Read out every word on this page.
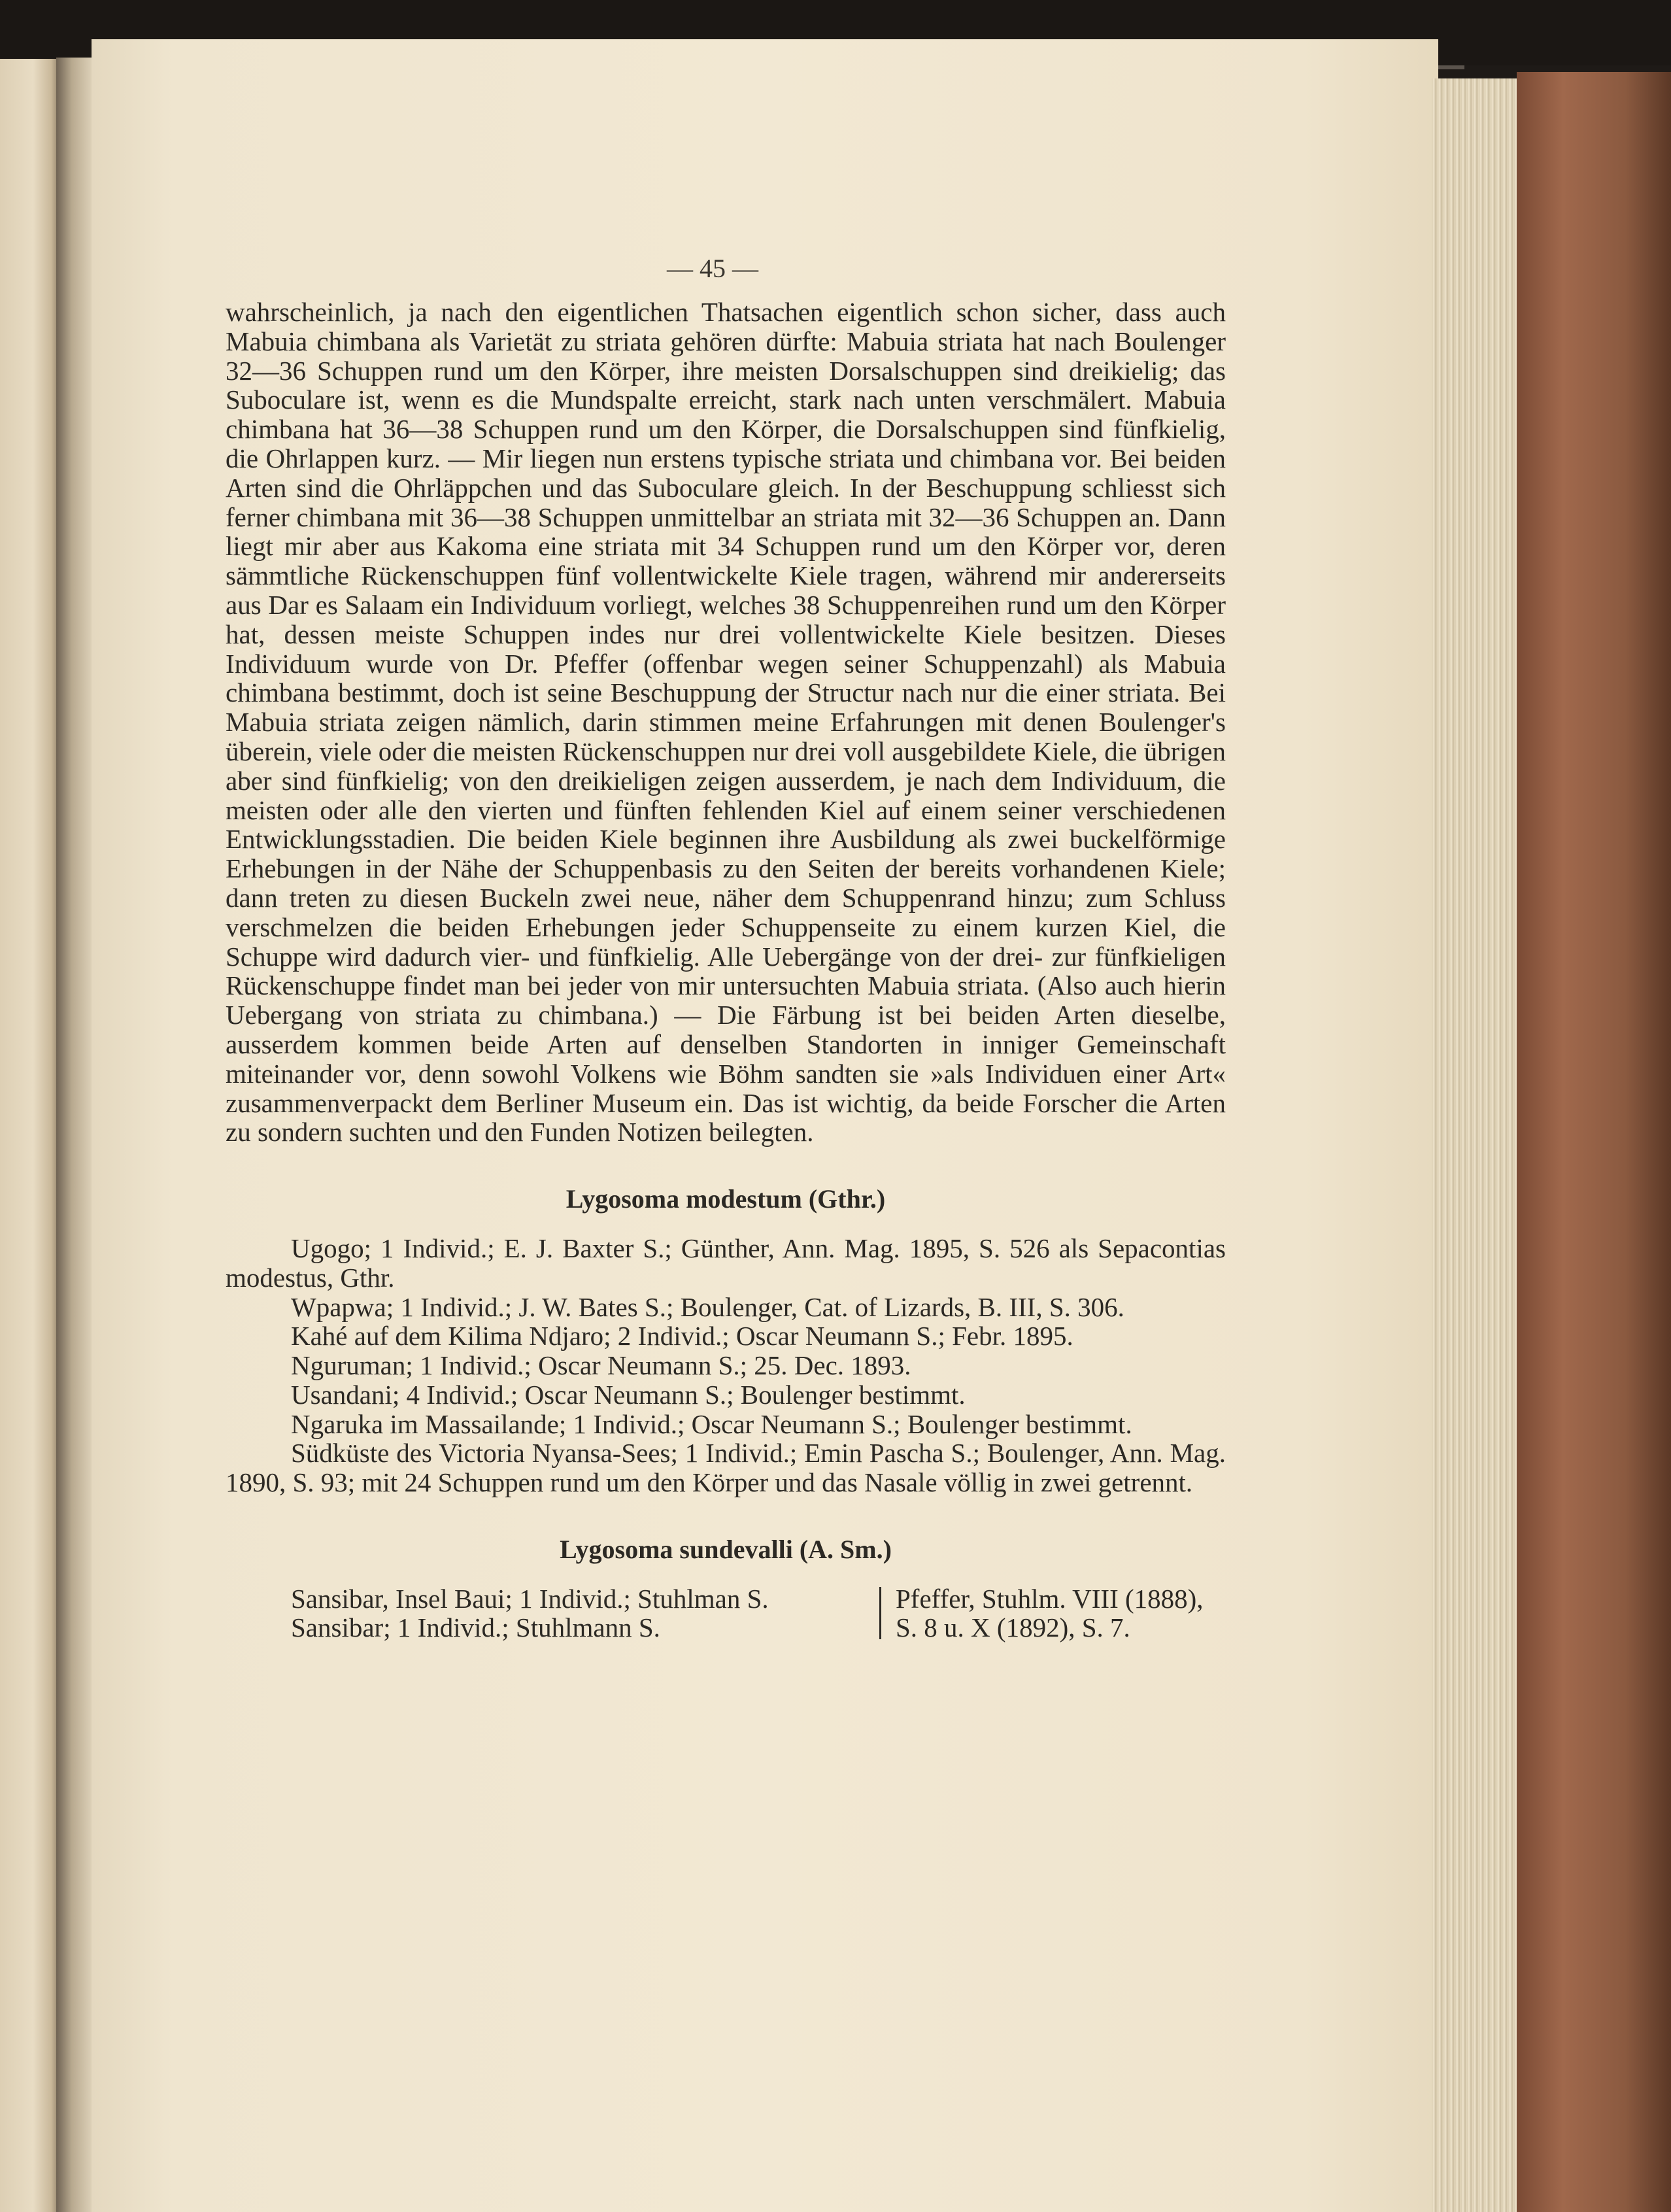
— 45 —

wahrscheinlich, ja nach den eigentlichen Thatsachen eigentlich schon sicher, dass auch Mabuia chimbana als Varietät zu striata gehören dürfte: Mabuia striata hat nach Boulenger 32—36 Schuppen rund um den Körper, ihre meisten Dorsalschuppen sind dreikielig; das Suboculare ist, wenn es die Mundspalte erreicht, stark nach unten verschmälert. Mabuia chimbana hat 36—38 Schuppen rund um den Körper, die Dorsalschuppen sind fünfkielig, die Ohrlappen kurz. — Mir liegen nun erstens typische striata und chimbana vor. Bei beiden Arten sind die Ohrläppchen und das Suboculare gleich. In der Beschuppung schliesst sich ferner chimbana mit 36—38 Schuppen unmittelbar an striata mit 32—36 Schuppen an. Dann liegt mir aber aus Kakoma eine striata mit 34 Schuppen rund um den Körper vor, deren sämmtliche Rückenschuppen fünf vollentwickelte Kiele tragen, während mir andererseits aus Dar es Salaam ein Individuum vorliegt, welches 38 Schuppenreihen rund um den Körper hat, dessen meiste Schuppen indes nur drei vollentwickelte Kiele besitzen. Dieses Individuum wurde von Dr. Pfeffer (offenbar wegen seiner Schuppenzahl) als Mabuia chimbana bestimmt, doch ist seine Beschuppung der Structur nach nur die einer striata. Bei Mabuia striata zeigen nämlich, darin stimmen meine Erfahrungen mit denen Boulenger's überein, viele oder die meisten Rückenschuppen nur drei voll ausgebildete Kiele, die übrigen aber sind fünfkielig; von den dreikieligen zeigen ausserdem, je nach dem Individuum, die meisten oder alle den vierten und fünften fehlenden Kiel auf einem seiner verschiedenen Entwicklungsstadien. Die beiden Kiele beginnen ihre Ausbildung als zwei buckelförmige Erhebungen in der Nähe der Schuppenbasis zu den Seiten der bereits vorhandenen Kiele; dann treten zu diesen Buckeln zwei neue, näher dem Schuppenrand hinzu; zum Schluss verschmelzen die beiden Erhebungen jeder Schuppenseite zu einem kurzen Kiel, die Schuppe wird dadurch vier- und fünfkielig. Alle Uebergänge von der drei- zur fünfkieligen Rückenschuppe findet man bei jeder von mir untersuchten Mabuia striata. (Also auch hierin Uebergang von striata zu chimbana.) — Die Färbung ist bei beiden Arten dieselbe, ausserdem kommen beide Arten auf denselben Standorten in inniger Gemeinschaft miteinander vor, denn sowohl Volkens wie Böhm sandten sie »als Individuen einer Art« zusammenverpackt dem Berliner Museum ein. Das ist wichtig, da beide Forscher die Arten zu sondern suchten und den Funden Notizen beilegten.

Lygosoma modestum (Gthr.)

Ugogo; 1 Individ.; E. J. Baxter S.; Günther, Ann. Mag. 1895, S. 526 als Sepacontias modestus, Gthr.

Wpapwa; 1 Individ.; J. W. Bates S.; Boulenger, Cat. of Lizards, B. III, S. 306.

Kahé auf dem Kilima Ndjaro; 2 Individ.; Oscar Neumann S.; Febr. 1895.

Nguruman; 1 Individ.; Oscar Neumann S.; 25. Dec. 1893.

Usandani; 4 Individ.; Oscar Neumann S.; Boulenger bestimmt.

Ngaruka im Massailande; 1 Individ.; Oscar Neumann S.; Boulenger bestimmt.

Südküste des Victoria Nyansa-Sees; 1 Individ.; Emin Pascha S.; Boulenger, Ann. Mag. 1890, S. 93; mit 24 Schuppen rund um den Körper und das Nasale völlig in zwei getrennt.

Lygosoma sundevalli (A. Sm.)
Sansibar, Insel Baui; 1 Individ.; Stuhlman S.
Sansibar; 1 Individ.; Stuhlmann S.
Pfeffer, Stuhlm. VIII (1888),
S. 8 u. X (1892), S. 7.
